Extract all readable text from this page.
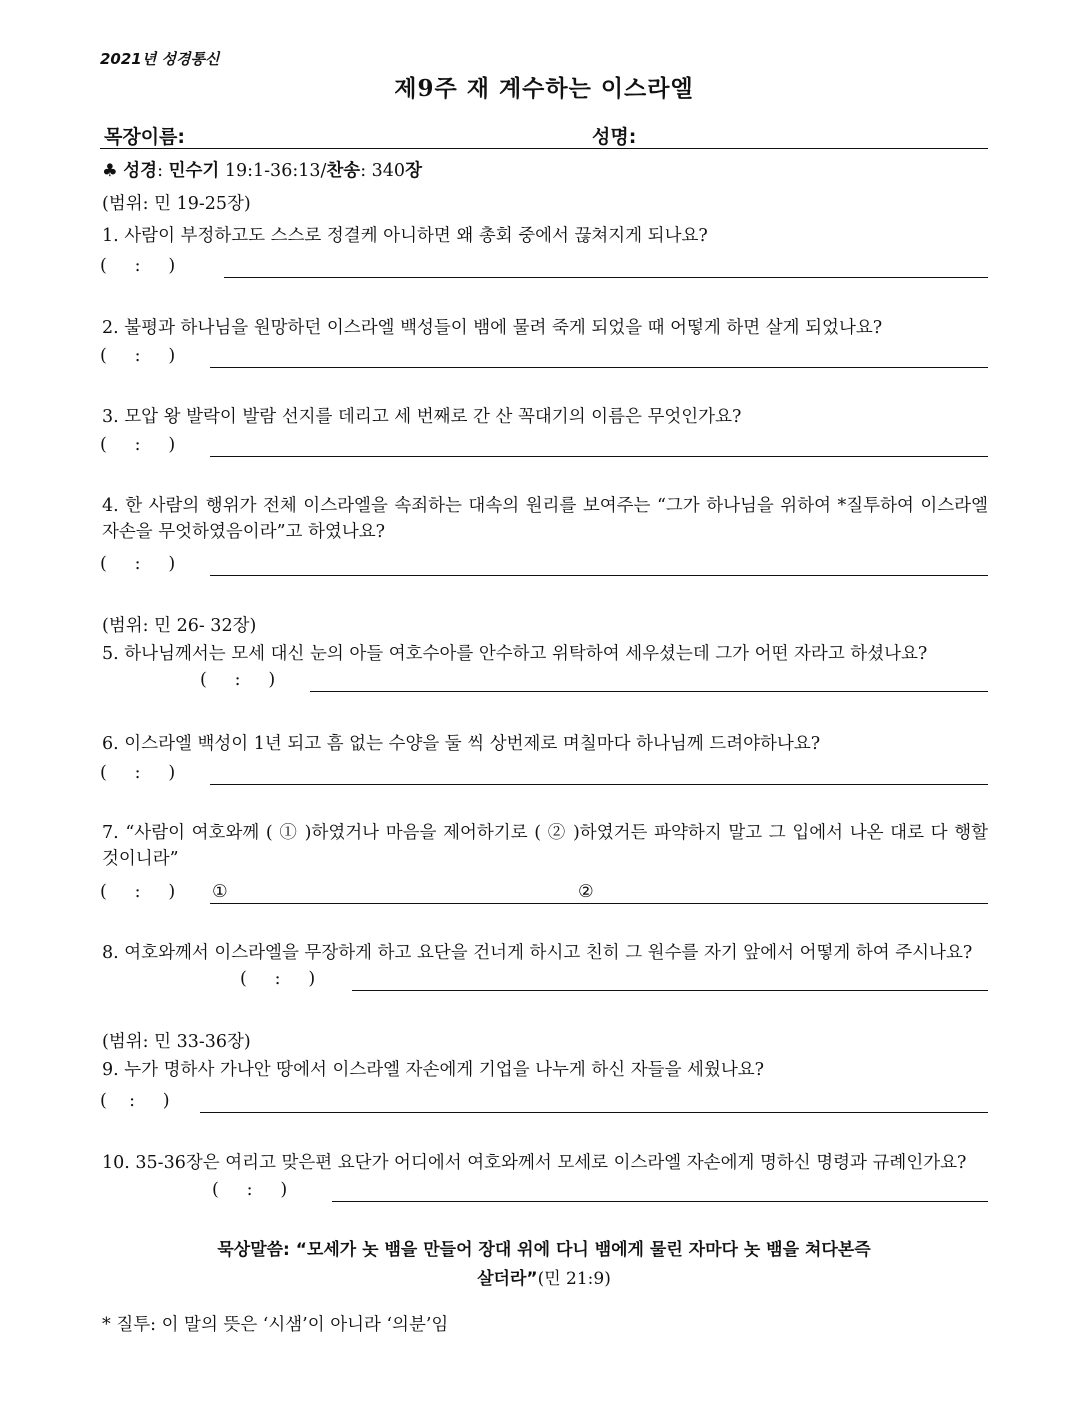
2021년 성경통신
제9주 재 계수하는 이스라엘
목장이름:	성명:
♣ 성경: 민수기 19:1-36:13/찬송: 340장
(범위: 민 19-25장)
1. 사람이 부정하고도 스스로 정결케 아니하면 왜 총회 중에서 끊쳐지게 되나요?
(     :     )
2. 불평과 하나님을 원망하던 이스라엘 백성들이 뱀에 물려 죽게 되었을 때 어떻게 하면 살게 되었나요?
(     :     )
3. 모압 왕 발락이 발람 선지를 데리고 세 번째로 간 산 꼭대기의 이름은 무엇인가요?
(     :     )
4. 한 사람의 행위가 전체 이스라엘을 속죄하는 대속의 원리를 보여주는 “그가 하나님을 위하여 *질투하여 이스라엘 자손을 무엇하였음이라”고 하였나요?
(     :     )
(범위: 민 26- 32장)
5. 하나님께서는 모세 대신 눈의 아들 여호수아를 안수하고 위탁하여 세우셨는데 그가 어떤 자라고 하셨나요?
(     :     )
6. 이스라엘 백성이 1년 되고 흠 없는 수양을 둘 씩 상번제로 며칠마다 하나님께 드려야하나요?
(     :     )
7. “사람이 여호와께 ( ① )하였거나 마음을 제어하기로 ( ② )하였거든 파약하지 말고 그 입에서 나온 대로 다 행할 것이니라”
(     :     ) ①	②
8. 여호와께서 이스라엘을 무장하게 하고 요단을 건너게 하시고 친히 그 원수를 자기 앞에서 어떻게 하여 주시나요?
(     :     )
(범위: 민 33-36장)
9. 누가 명하사 가나안 땅에서 이스라엘 자손에게 기업을 나누게 하신 자들을 세웠나요?
(    :     )
10. 35-36장은 여리고 맞은편 요단가 어디에서 여호와께서 모세로 이스라엘 자손에게 명하신 명령과 규례인가요?
(     :     )
묵상말씀: “모세가 놋 뱀을 만들어 장대 위에 다니 뱀에게 물린 자마다 놋 뱀을 쳐다본즉
살더라”(민 21:9)
* 질투: 이 말의 뜻은 ‘시샘’이 아니라 ‘의분’임
